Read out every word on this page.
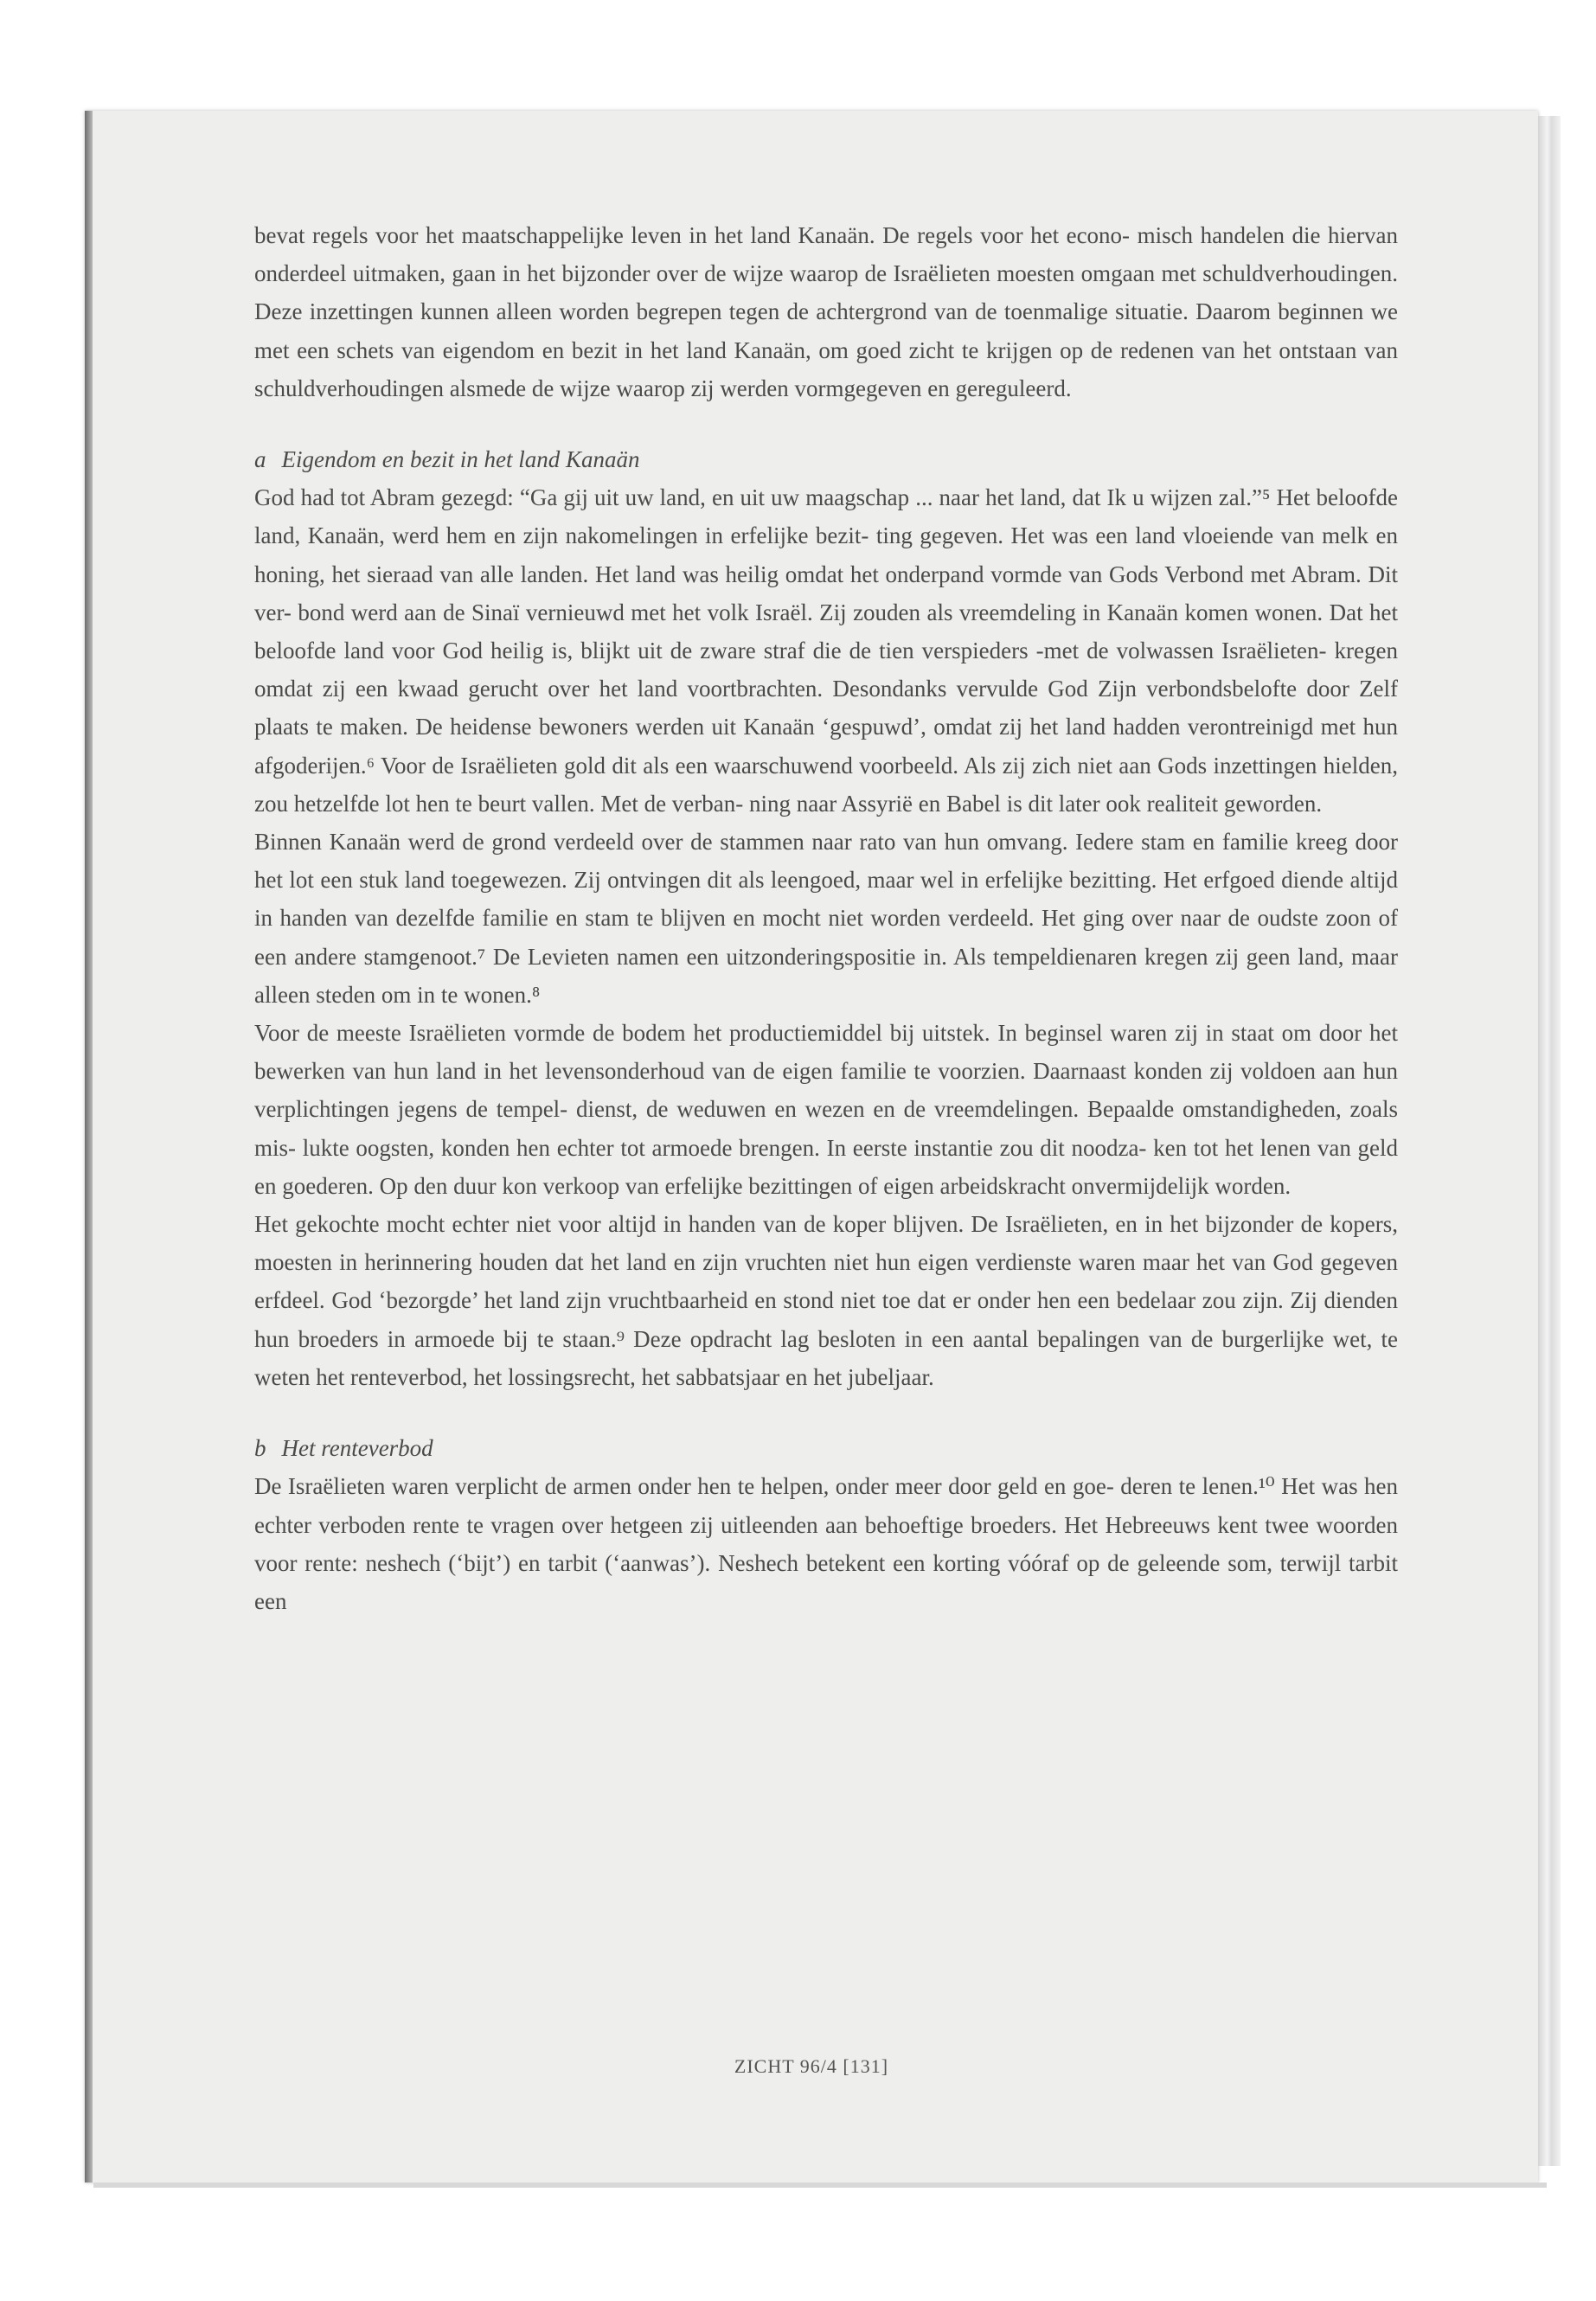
bevat regels voor het maatschappelijke leven in het land Kanaän. De regels voor het econo- misch handelen die hiervan onderdeel uitmaken, gaan in het bijzonder over de wijze waarop de Israëlieten moesten omgaan met schuldverhoudingen. Deze inzettingen kunnen alleen worden begrepen tegen de achtergrond van de toenmalige situatie. Daarom beginnen we met een schets van eigendom en bezit in het land Kanaän, om goed zicht te krijgen op de redenen van het ontstaan van schuldverhoudingen alsmede de wijze waarop zij werden vormgegeven en gereguleerd.

a Eigendom en bezit in het land Kanaän

God had tot Abram gezegd: “Ga gij uit uw land, en uit uw maagschap ... naar het land, dat Ik u wijzen zal.”⁵ Het beloofde land, Kanaän, werd hem en zijn nakomelingen in erfelijke bezit- ting gegeven. Het was een land vloeiende van melk en honing, het sieraad van alle landen. Het land was heilig omdat het onderpand vormde van Gods Verbond met Abram. Dit ver- bond werd aan de Sinaï vernieuwd met het volk Israël. Zij zouden als vreemdeling in Kanaän komen wonen. Dat het beloofde land voor God heilig is, blijkt uit de zware straf die de tien verspieders -met de volwassen Israëlieten- kregen omdat zij een kwaad gerucht over het land voortbrachten. Desondanks vervulde God Zijn verbondsbelofte door Zelf plaats te maken. De heidense bewoners werden uit Kanaän ‘gespuwd’, omdat zij het land hadden verontreinigd met hun afgoderijen.⁶ Voor de Israëlieten gold dit als een waarschuwend voorbeeld. Als zij zich niet aan Gods inzettingen hielden, zou hetzelfde lot hen te beurt vallen. Met de verban- ning naar Assyrië en Babel is dit later ook realiteit geworden.

Binnen Kanaän werd de grond verdeeld over de stammen naar rato van hun omvang. Iedere stam en familie kreeg door het lot een stuk land toegewezen. Zij ontvingen dit als leengoed, maar wel in erfelijke bezitting. Het erfgoed diende altijd in handen van dezelfde familie en stam te blijven en mocht niet worden verdeeld. Het ging over naar de oudste zoon of een andere stamgenoot.⁷ De Levieten namen een uitzonderingspositie in. Als tempeldienaren kregen zij geen land, maar alleen steden om in te wonen.⁸

Voor de meeste Israëlieten vormde de bodem het productiemiddel bij uitstek. In beginsel waren zij in staat om door het bewerken van hun land in het levensonderhoud van de eigen familie te voorzien. Daarnaast konden zij voldoen aan hun verplichtingen jegens de tempel- dienst, de weduwen en wezen en de vreemdelingen. Bepaalde omstandigheden, zoals mis- lukte oogsten, konden hen echter tot armoede brengen. In eerste instantie zou dit noodza- ken tot het lenen van geld en goederen. Op den duur kon verkoop van erfelijke bezittingen of eigen arbeidskracht onvermijdelijk worden.

Het gekochte mocht echter niet voor altijd in handen van de koper blijven. De Israëlieten, en in het bijzonder de kopers, moesten in herinnering houden dat het land en zijn vruchten niet hun eigen verdienste waren maar het van God gegeven erfdeel. God ‘bezorgde’ het land zijn vruchtbaarheid en stond niet toe dat er onder hen een bedelaar zou zijn. Zij dienden hun broeders in armoede bij te staan.⁹ Deze opdracht lag besloten in een aantal bepalingen van de burgerlijke wet, te weten het renteverbod, het lossingsrecht, het sabbatsjaar en het jubeljaar.

b Het renteverbod

De Israëlieten waren verplicht de armen onder hen te helpen, onder meer door geld en goe- deren te lenen.¹⁰ Het was hen echter verboden rente te vragen over hetgeen zij uitleenden aan behoeftige broeders. Het Hebreeuws kent twee woorden voor rente: neshech (‘bijt’) en tarbit (‘aanwas’). Neshech betekent een korting vóóraf op de geleende som, terwijl tarbit een

ZICHT 96/4 [131]
